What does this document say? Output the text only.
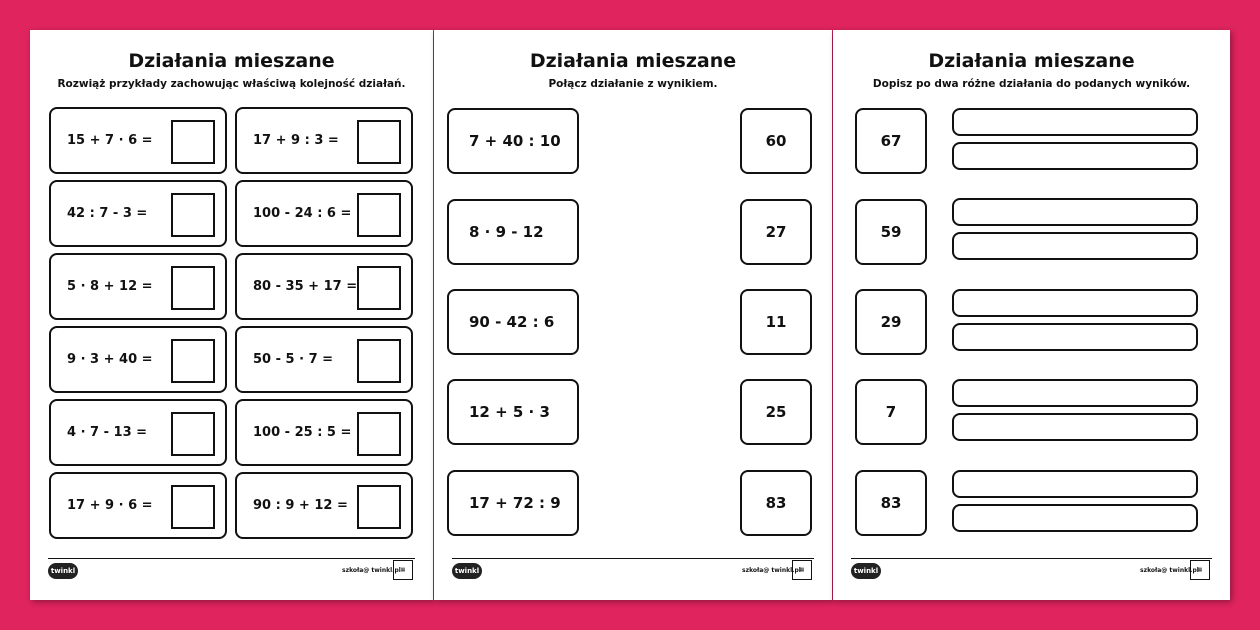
Działania mieszane
Rozwiąż przykłady zachowując właściwą kolejność działań.
15 + 7 · 6 =
42 : 7 - 3 =
5 · 8 + 12 =
9 · 3 + 40 =
4 · 7 - 13 =
17 + 9 · 6 =
17 + 9 : 3 =
100 - 24 : 6 =
80 - 35 + 17 =
50 - 5 · 7 =
100 - 25 : 5 =
90 : 9 + 12 =
twinkl	szkoła@ twinkl.pl ▦
Działania mieszane
Połącz działanie z wynikiem.
7 + 40 : 10
8 · 9 - 12
90 - 42 : 6
12 + 5 · 3
17 + 72 : 9
60
27
11
25
83
twinkl	szkoła@ twinkl.pl
▦
Działania mieszane
Dopisz po dwa różne działania do podanych wyników.
67
59
29
7
83
twinkl	szkoła@ twinkl.pl
▦
